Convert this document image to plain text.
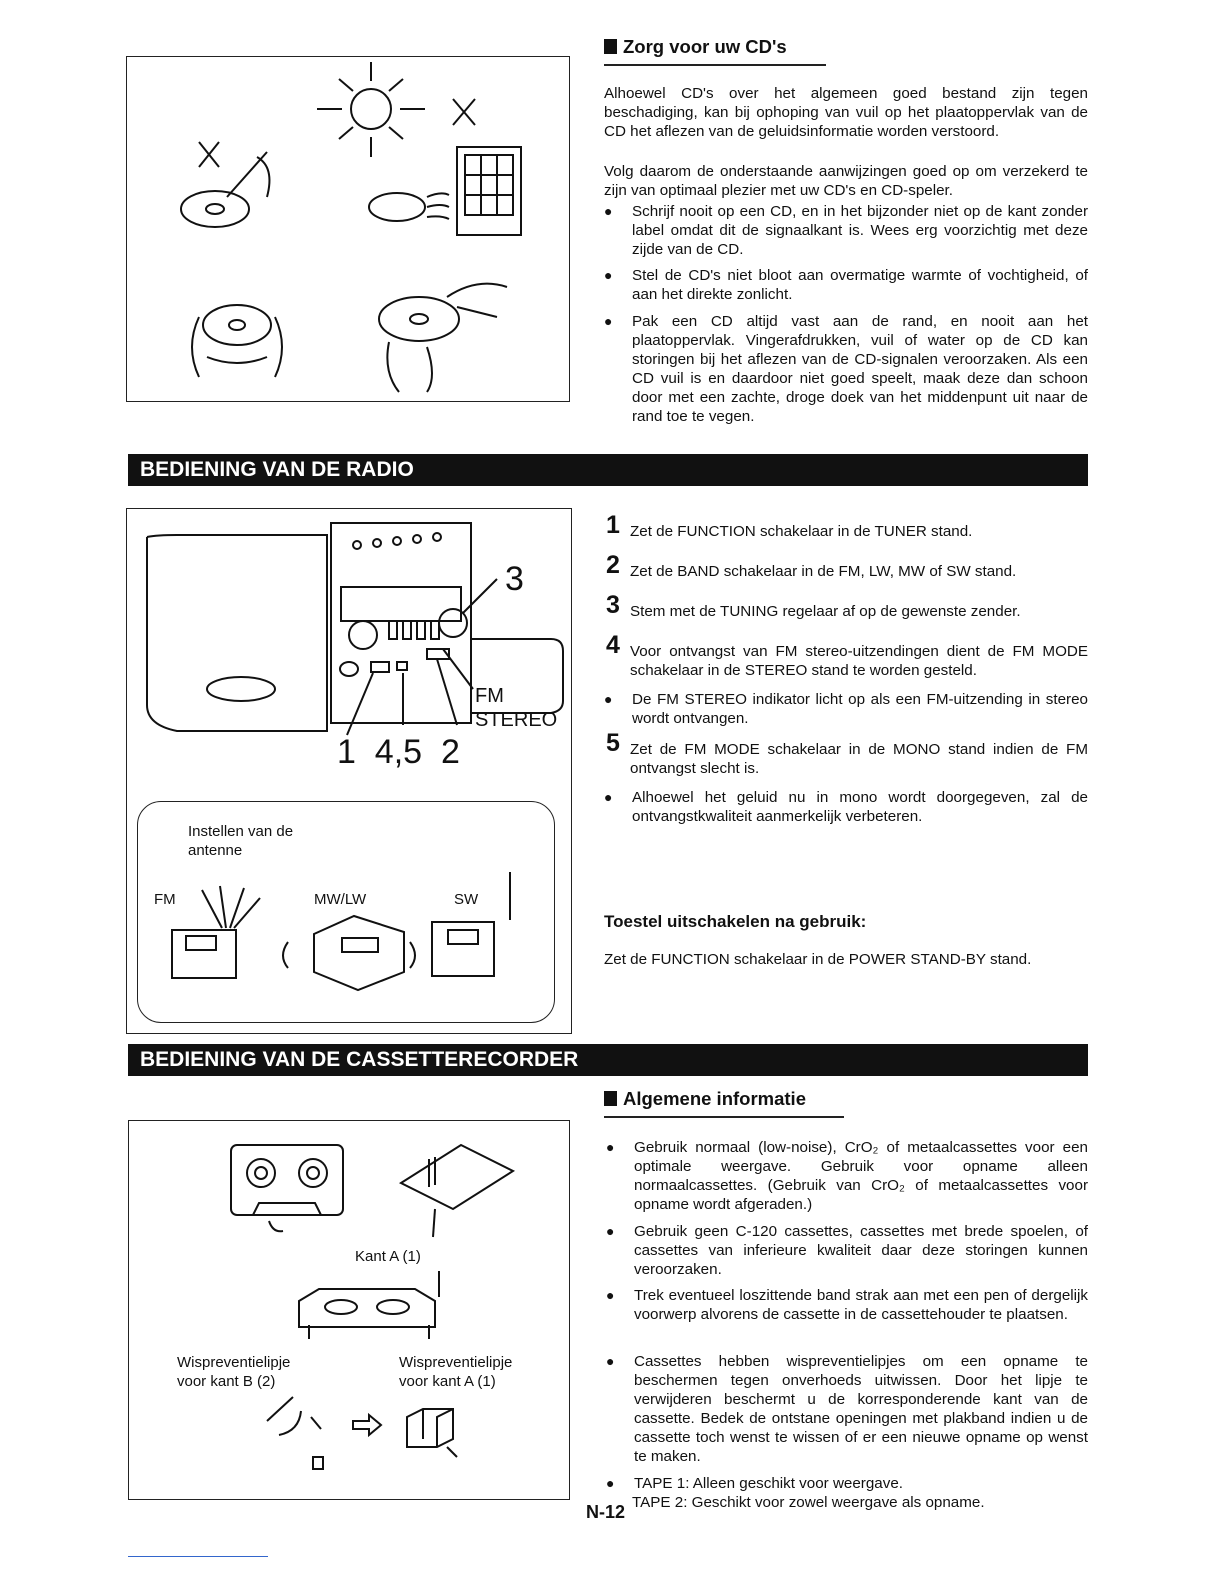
Zorg voor uw CD's
Alhoewel CD's over het algemeen goed bestand zijn tegen beschadiging, kan bij ophoping van vuil op het plaatoppervlak van de CD het aflezen van de geluidsinformatie worden verstoord.
Volg daarom de onderstaande aanwijzingen goed op om verzekerd te zijn van optimaal plezier met uw CD's en CD-speler.
● Schrijf nooit op een CD, en in het bijzonder niet op de kant zonder label omdat dit de signaalkant is. Wees erg voorzichtig met deze zijde van de CD.
● Stel de CD's niet bloot aan overmatige warmte of vochtigheid, of aan het direkte zonlicht.
● Pak een CD altijd vast aan de rand, en nooit aan het plaatoppervlak. Vingerafdrukken, vuil of water op de CD kan storingen bij het aflezen van de CD-signalen veroorzaken. Als een CD vuil is en daardoor niet goed speelt, maak deze dan schoon door met een zachte, droge doek van het middenpunt uit naar de rand toe te vegen.
BEDIENING VAN DE RADIO
3
FM
STEREO
1  4,5  2
Instellen van de antenne
FM	MW/LW	SW
1 Zet de FUNCTION schakelaar in de TUNER stand.
2 Zet de BAND schakelaar in de FM, LW, MW of SW stand.
3 Stem met de TUNING regelaar af op de gewenste zender.
4 Voor ontvangst van FM stereo-uitzendingen dient de FM MODE schakelaar in de STEREO stand te worden gesteld.
● De FM STEREO indikator licht op als een FM-uitzending in stereo wordt ontvangen.
5 Zet de FM MODE schakelaar in de MONO stand indien de FM ontvangst slecht is.
● Alhoewel het geluid nu in mono wordt doorgegeven, zal de ontvangstkwaliteit aanmerkelijk verbeteren.
Toestel uitschakelen na gebruik:
Zet de FUNCTION schakelaar in de POWER STAND-BY stand.
BEDIENING VAN DE CASSETTERECORDER
Algemene informatie
Kant A (1)
Wispreventielipje voor kant B (2)
Wispreventielipje voor kant A (1)
● Gebruik normaal (low-noise), CrO₂ of metaalcassettes voor een optimale weergave. Gebruik voor opname alleen normaalcassettes. (Gebruik van CrO₂ of metaalcassettes voor opname wordt afgeraden.)
● Gebruik geen C-120 cassettes, cassettes met brede spoelen, of cassettes van inferieure kwaliteit daar deze storingen kunnen veroorzaken.
● Trek eventueel loszittende band strak aan met een pen of dergelijk voorwerp alvorens de cassette in de cassettehouder te plaatsen.
● Cassettes hebben wispreventielipjes om een opname te beschermen tegen onverhoeds uitwissen. Door het lipje te verwijderen beschermt u de korresponderende kant van de cassette. Bedek de ontstane openingen met plakband indien u de cassette toch wenst te wissen of er een nieuwe opname op wenst te maken.
● TAPE 1: Alleen geschikt voor weergave.
TAPE 2: Geschikt voor zowel weergave als opname.
N-12
